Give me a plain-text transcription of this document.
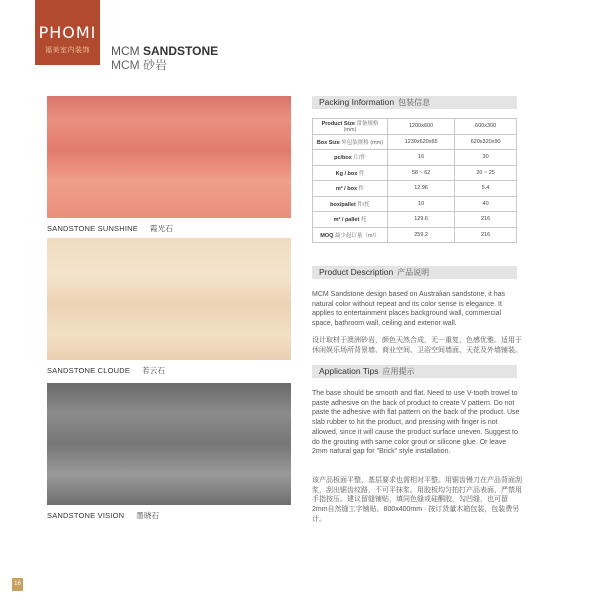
PHOMI
福美室内装饰	MCM SANDSTONE
MCM 砂岩
SANDSTONE SUNSHINE 霞光石
SANDSTONE CLOUDE 若云石
SANDSTONE VISION 墨晓石
Packing Information 包装信息
Product Size 常备规格 (mm)	1200x600	600x300
Box Size 外包装规格 (mm)	1230x620x65	620x320x90
pc/box 片/件	16	30
Kg / box 件	58 ~ 62	20 ~ 25
m² / box 件	12.96	5.4
box/pallet 件/托	10	40
m² / pallet 托	129.6	216
MOQ 最少起订量（m²）	259.2	216
Product Description 产品说明
MCM Sandstone design based on Australian sandstone, it has natural color without repeat and its color sense is elegance. It applies to entertainment places background wall, commercial space, bathroom wall, ceiling and exterior wall.
设计取材于澳洲砂岩，颜色天然合成，无一重复，色感优雅。适用于休闲娱乐场所背景墙、商业空间、卫浴空间墙面、天花及外墙铺装。
Application Tips 应用提示
The base should be smooth and flat. Need to use V-tooth trowel to paste adhesive on the back of product to create V pattern. Do not paste the adhesive with flat pattern on the back of the product. Use slab rubber to hit the product, and pressing with finger is not allowed, since it will cause the product surface uneven. Suggest to do the grouting with same color grout or silicone glue. Or leave 2mm natural gap for "Brick" style installation.
该产品板面平整，基层要求也需相对平整。用锯齿镘刀在产品背面刮浆，刮出锯齿纹路，不可平抹浆。用胶板均匀拍打产品表面，严禁用手指按压。建议留缝铺贴，填同色缝或硅酮胶，勾凹缝，也可留2mm自然缝工字铺贴。800x400mm · 按订货量木箱包装，包装费另计。
16
